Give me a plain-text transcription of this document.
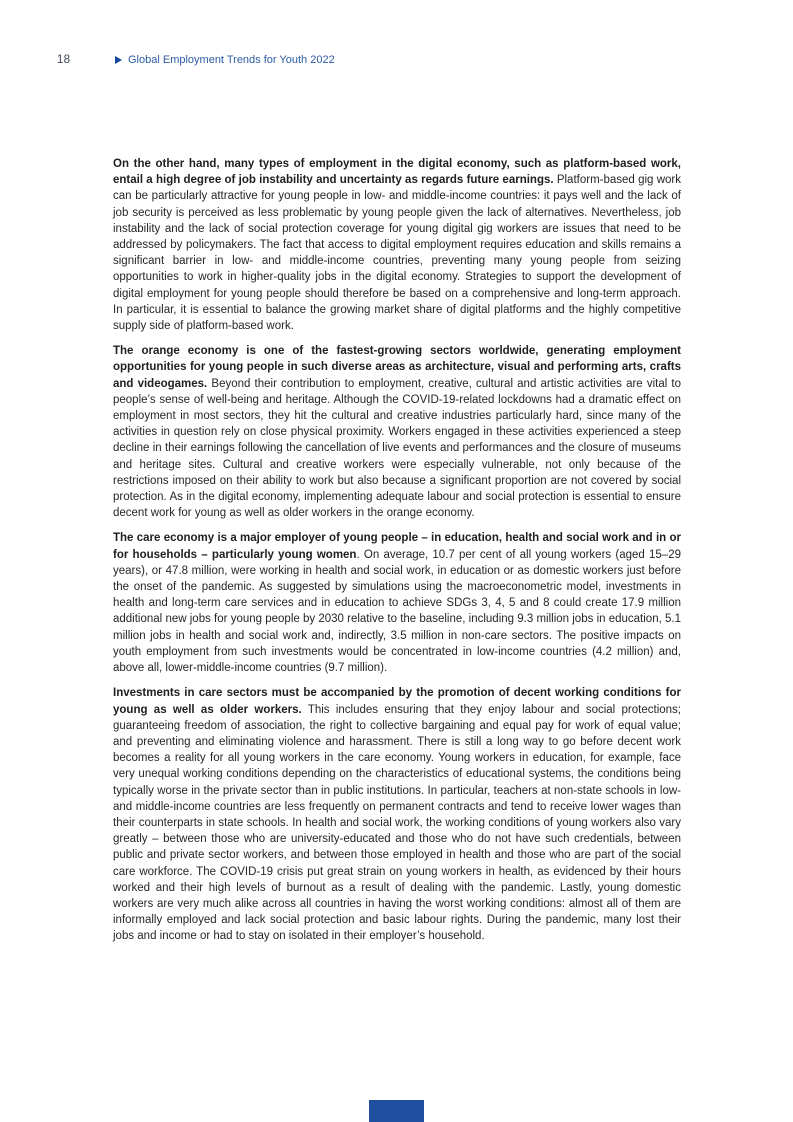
18	Global Employment Trends for Youth 2022

On the other hand, many types of employment in the digital economy, such as platform-based work, entail a high degree of job instability and uncertainty as regards future earnings. Platform-based gig work can be particularly attractive for young people in low- and middle-income countries: it pays well and the lack of job security is perceived as less problematic by young people given the lack of alternatives. Nevertheless, job instability and the lack of social protection coverage for young digital gig workers are issues that need to be addressed by policymakers. The fact that access to digital employment requires education and skills remains a significant barrier in low- and middle-income countries, preventing many young people from seizing opportunities to work in higher-quality jobs in the digital economy. Strategies to support the development of digital employment for young people should therefore be based on a comprehensive and long-term approach. In particular, it is essential to balance the growing market share of digital platforms and the highly competitive supply side of platform-based work.

The orange economy is one of the fastest-growing sectors worldwide, generating employment opportunities for young people in such diverse areas as architecture, visual and performing arts, crafts and videogames. Beyond their contribution to employment, creative, cultural and artistic activities are vital to people’s sense of well-being and heritage. Although the COVID-19-related lockdowns had a dramatic effect on employment in most sectors, they hit the cultural and creative industries particularly hard, since many of the activities in question rely on close physical proximity. Workers engaged in these activities experienced a steep decline in their earnings following the cancellation of live events and performances and the closure of museums and heritage sites. Cultural and creative workers were especially vulnerable, not only because of the restrictions imposed on their ability to work but also because a significant proportion are not covered by social protection. As in the digital economy, implementing adequate labour and social protection is essential to ensure decent work for young as well as older workers in the orange economy.

The care economy is a major employer of young people – in education, health and social work and in or for households – particularly young women. On average, 10.7 per cent of all young workers (aged 15–29 years), or 47.8 million, were working in health and social work, in education or as domestic workers just before the onset of the pandemic. As suggested by simulations using the macroeconometric model, investments in health and long-term care services and in education to achieve SDGs 3, 4, 5 and 8 could create 17.9 million additional new jobs for young people by 2030 relative to the baseline, including 9.3 million jobs in education, 5.1 million jobs in health and social work and, indirectly, 3.5 million in non-care sectors. The positive impacts on youth employment from such investments would be concentrated in low-income countries (4.2 million) and, above all, lower-middle-income countries (9.7 million).

Investments in care sectors must be accompanied by the promotion of decent working conditions for young as well as older workers. This includes ensuring that they enjoy labour and social protections; guaranteeing freedom of association, the right to collective bargaining and equal pay for work of equal value; and preventing and eliminating violence and harassment. There is still a long way to go before decent work becomes a reality for all young workers in the care economy. Young workers in education, for example, face very unequal working conditions depending on the characteristics of educational systems, the conditions being typically worse in the private sector than in public institutions. In particular, teachers at non-state schools in low- and middle-income countries are less frequently on permanent contracts and tend to receive lower wages than their counterparts in state schools. In health and social work, the working conditions of young workers also vary greatly – between those who are university-educated and those who do not have such credentials, between public and private sector workers, and between those employed in health and those who are part of the social care workforce. The COVID-19 crisis put great strain on young workers in health, as evidenced by their hours worked and their high levels of burnout as a result of dealing with the pandemic. Lastly, young domestic workers are very much alike across all countries in having the worst working conditions: almost all of them are informally employed and lack social protection and basic labour rights. During the pandemic, many lost their jobs and income or had to stay on isolated in their employer’s household.
